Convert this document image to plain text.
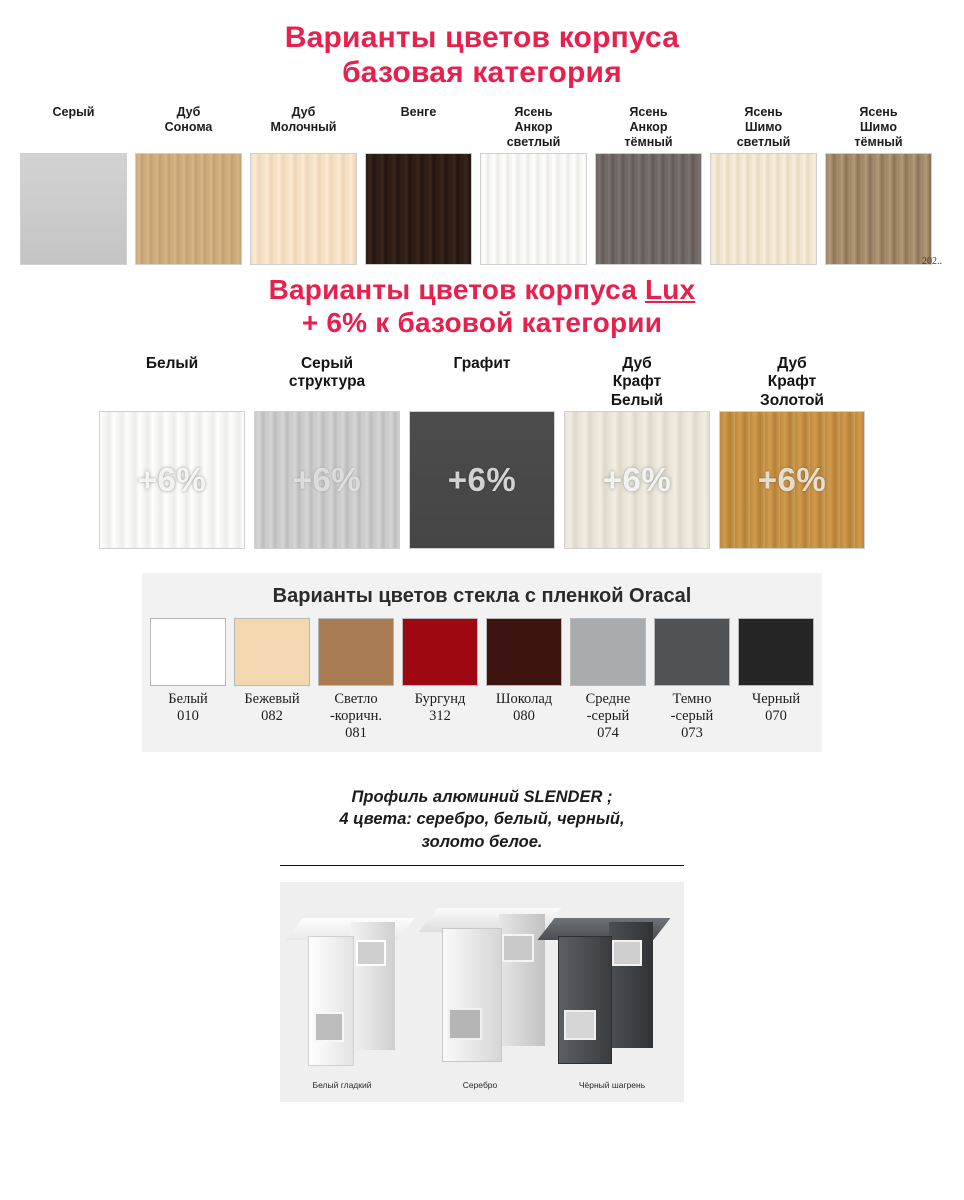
Варианты цветов корпуса
базовая категория
Серый	Дуб
Сонома
Дуб
Молочный
Венге	Ясень
Анкор
светлый
Ясень
Анкор
тёмный
Ясень
Шимо
светлый
Ясень
Шимо
тёмный
202..
Варианты цветов корпуса Lux
+ 6% к базовой категории
Белый
+6%
Серый
структура
+6%
Графит
+6%
Дуб
Крафт
Белый
+6%
Дуб
Крафт
Золотой
+6%
Варианты цветов стекла с пленкой Oracal
Белый
010
Бежевый
082
Светло
-коричн.
081
Бургунд
312
Шоколад
080
Средне
-серый
074
Темно
-серый
073
Черный
070
Профиль алюминий SLENDER ;
4 цвета: серебро, белый, черный,
золото белое.
Белый гладкий	Серебро	Чёрный шагрень
